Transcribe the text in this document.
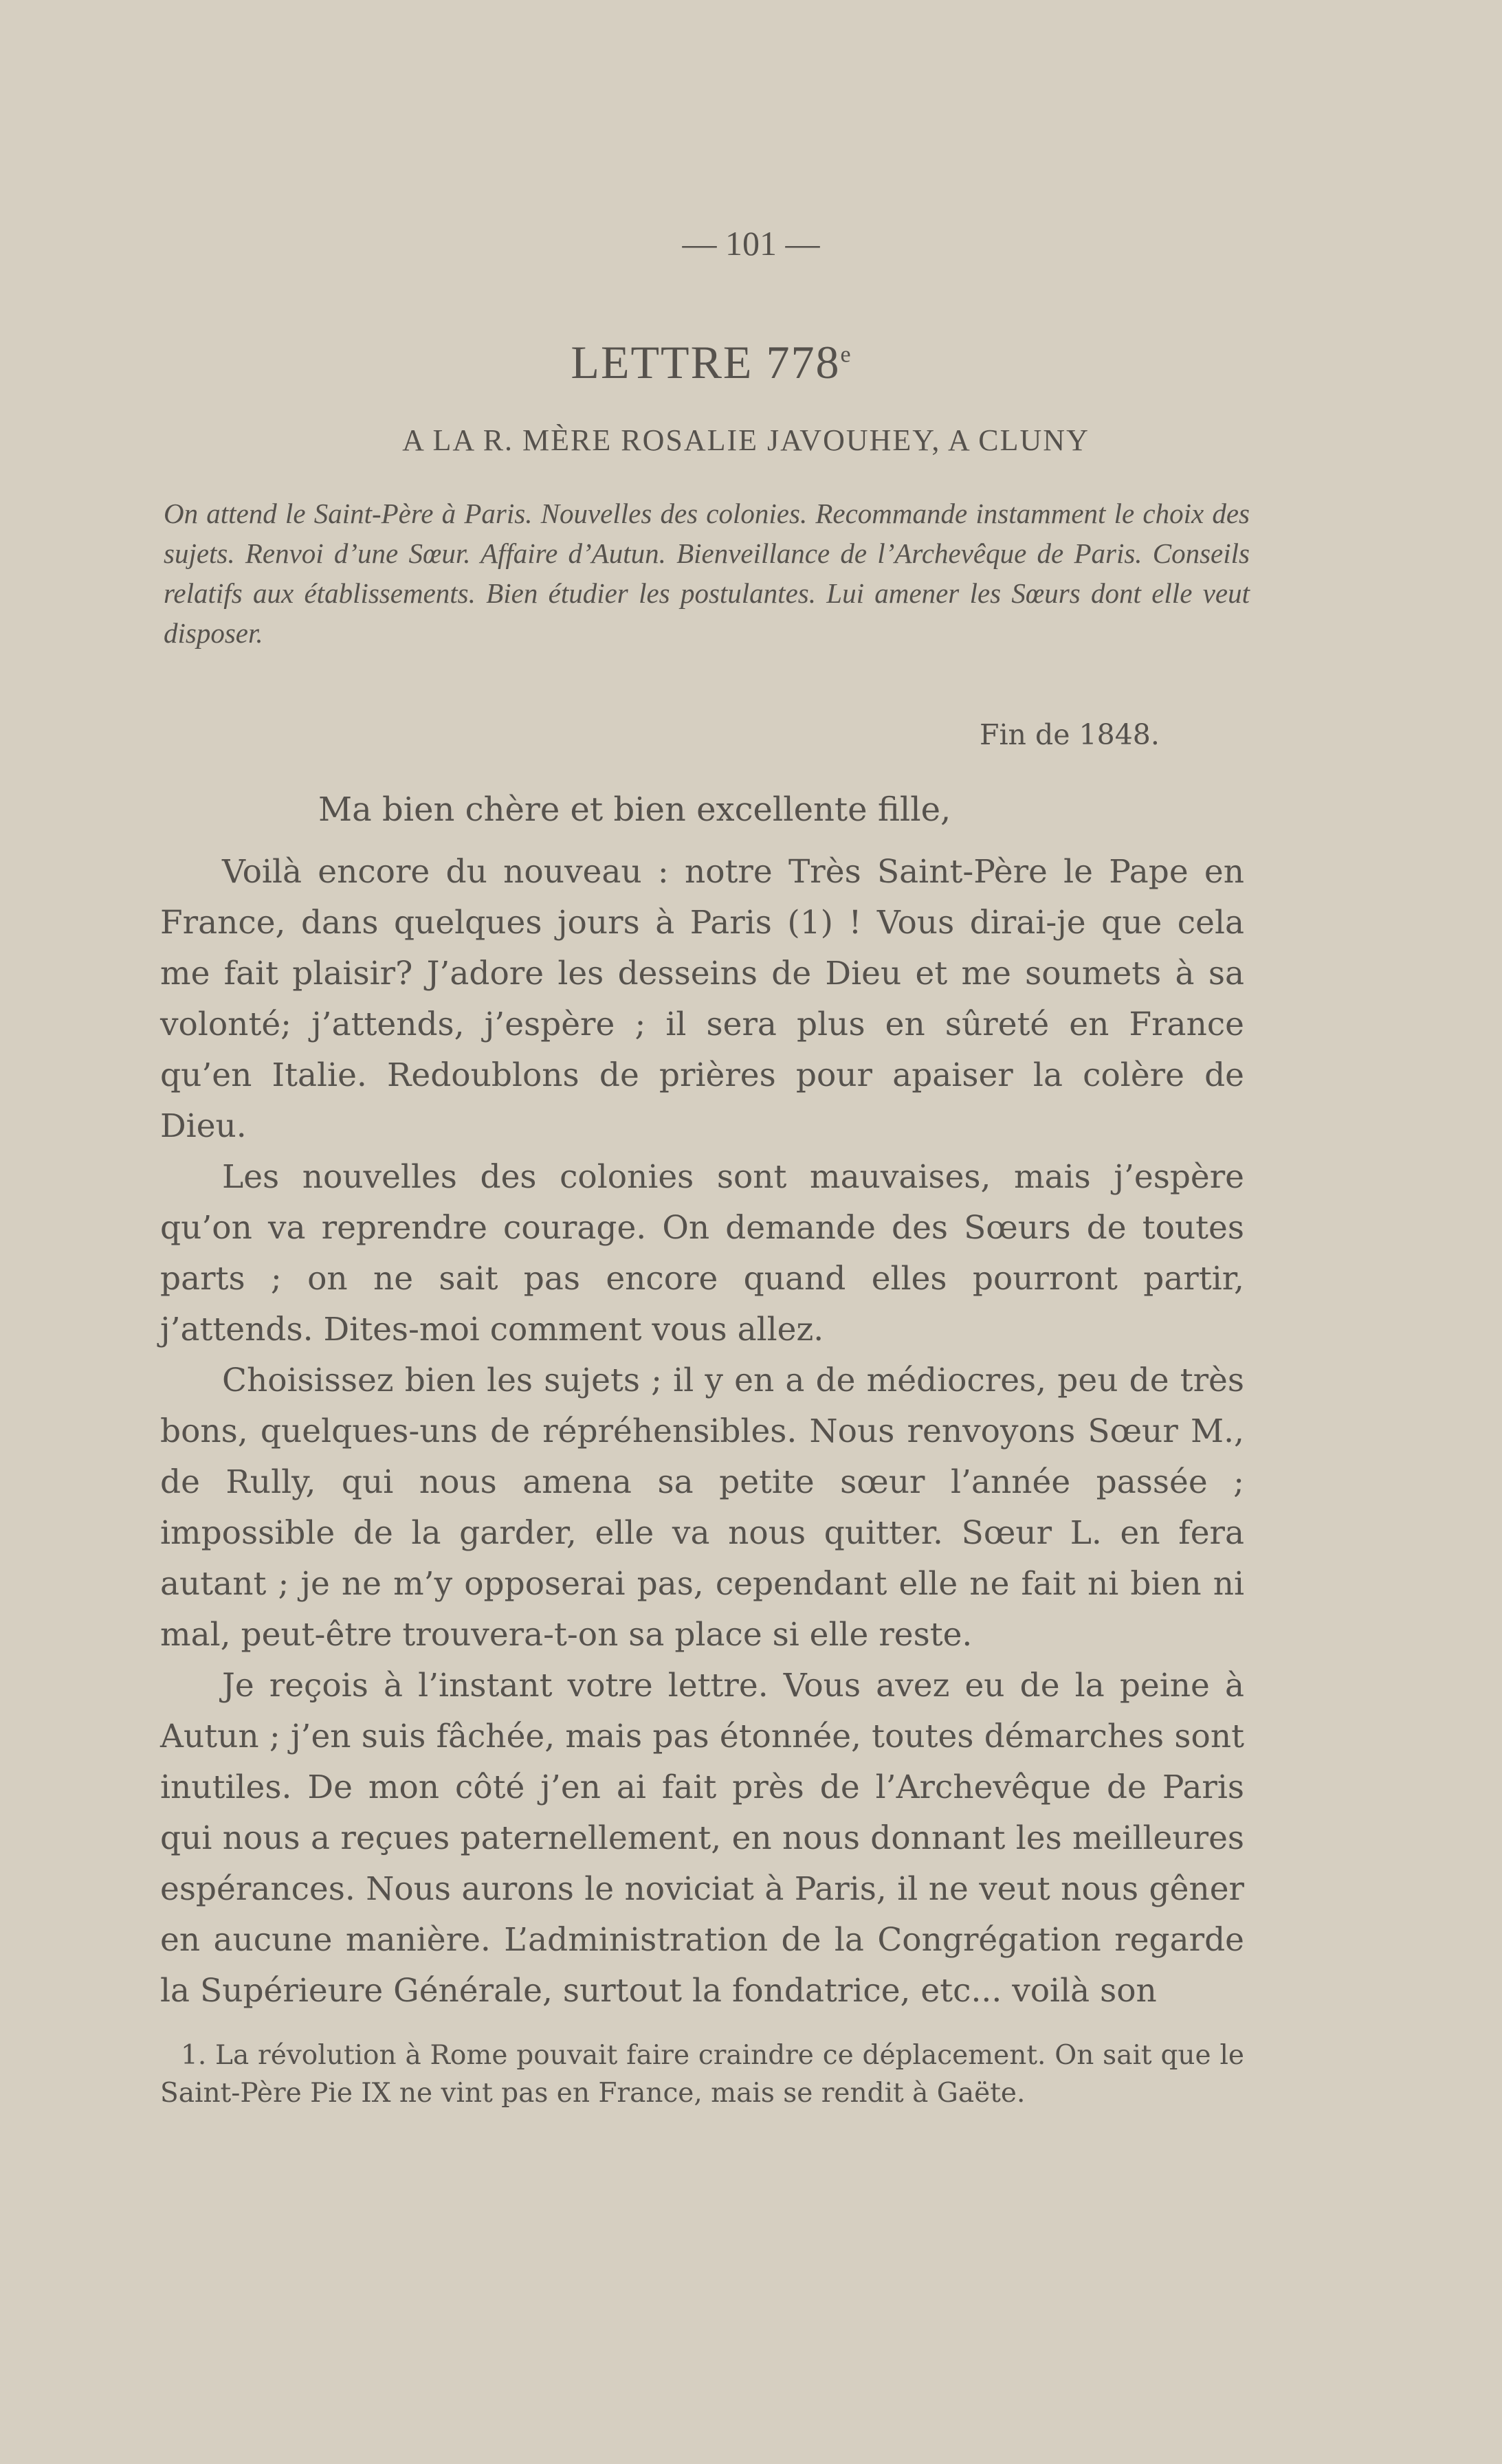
— 101 —
LETTRE 778e
A LA R. MÈRE ROSALIE JAVOUHEY, A CLUNY
On attend le Saint-Père à Paris. Nouvelles des colonies. Recommande instamment le choix des sujets. Renvoi d’une Sœur. Affaire d’Autun. Bienveillance de l’Archevêque de Paris. Conseils relatifs aux établissements. Bien étudier les postulantes. Lui amener les Sœurs dont elle veut disposer.
Fin de 1848.
Ma bien chère et bien excellente fille,

Voilà encore du nouveau : notre Très Saint-Père le Pape en France, dans quelques jours à Paris (1) ! Vous dirai-je que cela me fait plaisir? J’adore les desseins de Dieu et me soumets à sa volonté; j’attends, j’espère ; il sera plus en sûreté en France qu’en Italie. Redoublons de prières pour apaiser la colère de Dieu.

Les nouvelles des colonies sont mauvaises, mais j’espère qu’on va reprendre courage. On demande des Sœurs de toutes parts ; on ne sait pas encore quand elles pourront partir, j’attends. Dites-moi comment vous allez.

Choisissez bien les sujets ; il y en a de médiocres, peu de très bons, quelques-uns de répréhensibles. Nous renvoyons Sœur M., de Rully, qui nous amena sa petite sœur l’année passée ; impossible de la garder, elle va nous quitter. Sœur L. en fera autant ; je ne m’y opposerai pas, cependant elle ne fait ni bien ni mal, peut-être trouvera-t-on sa place si elle reste.

Je reçois à l’instant votre lettre. Vous avez eu de la peine à Autun ; j’en suis fâchée, mais pas étonnée, toutes démarches sont inutiles. De mon côté j’en ai fait près de l’Archevêque de Paris qui nous a reçues paternellement, en nous donnant les meilleures espérances. Nous aurons le noviciat à Paris, il ne veut nous gêner en aucune manière. L’administration de la Congrégation regarde la Supérieure Générale, surtout la fondatrice, etc... voilà son

1. La révolution à Rome pouvait faire craindre ce déplacement. On sait que le Saint-Père Pie IX ne vint pas en France, mais se rendit à Gaëte.
